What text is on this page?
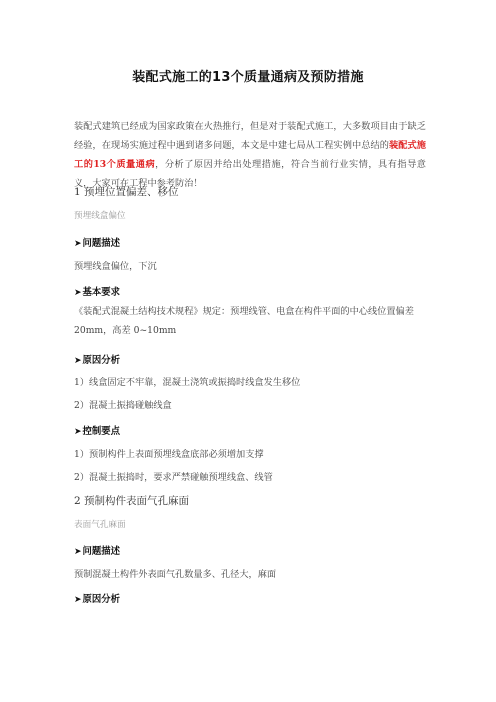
装配式施工的13个质量通病及预防措施
装配式建筑已经成为国家政策在火热推行，但是对于装配式施工，大多数项目由于缺乏经验，在现场实施过程中遇到诸多问题，本文是中建七局从工程实例中总结的装配式施工的13个质量通病，分析了原因并给出处理措施，符合当前行业实情，具有指导意义，大家可在工程中参考防治！
1 预埋位置偏差、移位
预埋线盒偏位
➤问题描述
预埋线盒偏位，下沉
➤基本要求
《装配式混凝土结构技术规程》规定：预埋线管、电盒在构件平面的中心线位置偏差 20mm，高差 0~10mm
➤原因分析
1）线盒固定不牢靠，混凝土浇筑或振捣时线盒发生移位
2）混凝土振捣碰触线盒
➤控制要点
1）预制构件上表面预埋线盒底部必须增加支撑
2）混凝土振捣时，要求严禁碰触预埋线盒、线管
2 预制构件表面气孔麻面
表面气孔麻面
➤问题描述
预制混凝土构件外表面气孔数量多、孔径大，麻面
➤原因分析
